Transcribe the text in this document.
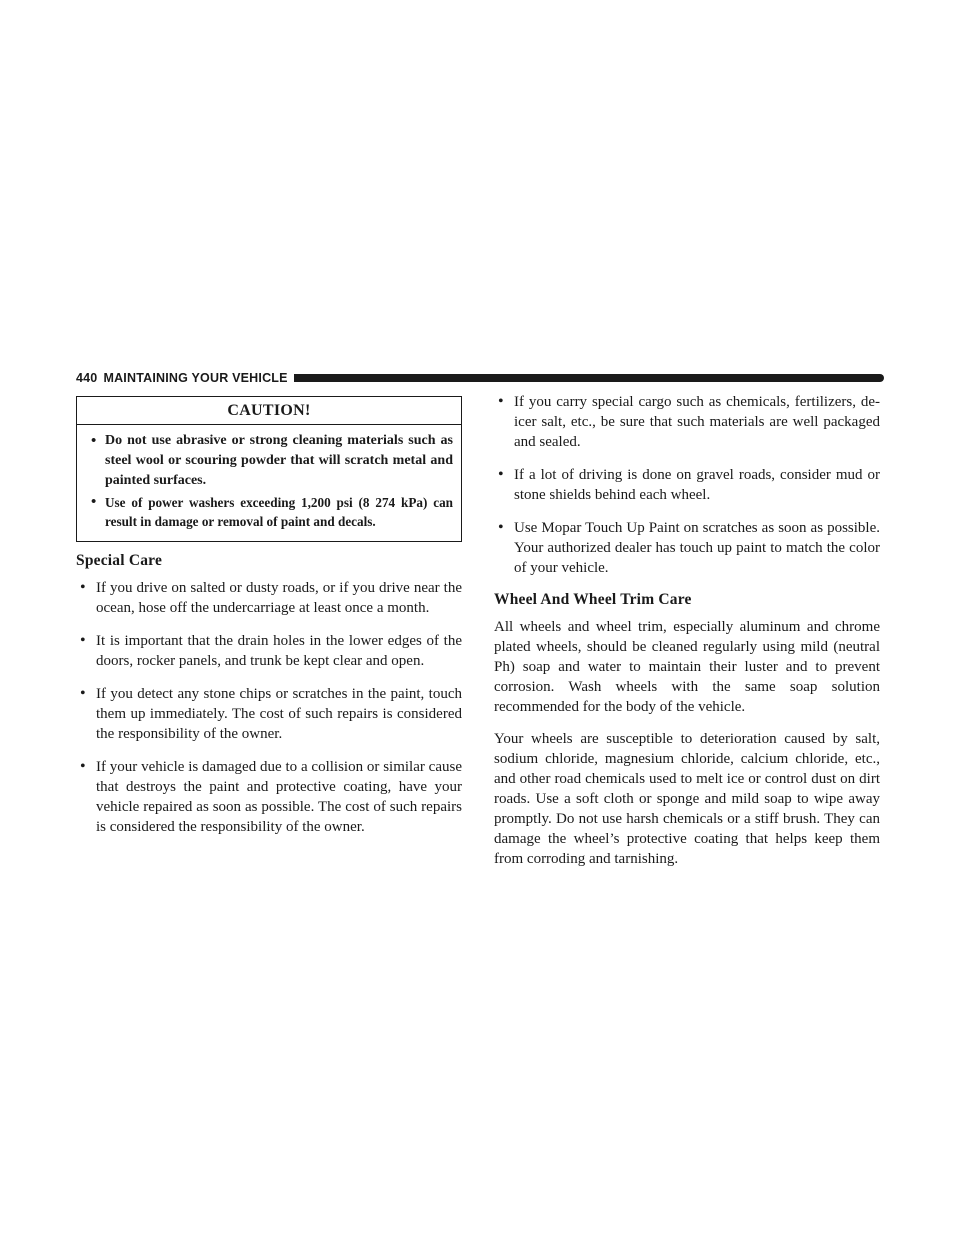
440 MAINTAINING YOUR VEHICLE
CAUTION!
• Do not use abrasive or strong cleaning materials such as steel wool or scouring powder that will scratch metal and painted surfaces.
• Use of power washers exceeding 1,200 psi (8 274 kPa) can result in damage or removal of paint and decals.
Special Care
• If you drive on salted or dusty roads, or if you drive near the ocean, hose off the undercarriage at least once a month.
• It is important that the drain holes in the lower edges of the doors, rocker panels, and trunk be kept clear and open.
• If you detect any stone chips or scratches in the paint, touch them up immediately. The cost of such repairs is considered the responsibility of the owner.
• If your vehicle is damaged due to a collision or similar cause that destroys the paint and protective coating, have your vehicle repaired as soon as possible. The cost of such repairs is considered the responsibility of the owner.
• If you carry special cargo such as chemicals, fertilizers, de-icer salt, etc., be sure that such materials are well packaged and sealed.
• If a lot of driving is done on gravel roads, consider mud or stone shields behind each wheel.
• Use Mopar Touch Up Paint on scratches as soon as possible. Your authorized dealer has touch up paint to match the color of your vehicle.
Wheel And Wheel Trim Care

All wheels and wheel trim, especially aluminum and chrome plated wheels, should be cleaned regularly using mild (neutral Ph) soap and water to maintain their luster and to prevent corrosion. Wash wheels with the same soap solution recommended for the body of the vehicle.

Your wheels are susceptible to deterioration caused by salt, sodium chloride, magnesium chloride, calcium chloride, etc., and other road chemicals used to melt ice or control dust on dirt roads. Use a soft cloth or sponge and mild soap to wipe away promptly. Do not use harsh chemicals or a stiff brush. They can damage the wheel’s protective coating that helps keep them from corroding and tarnishing.
